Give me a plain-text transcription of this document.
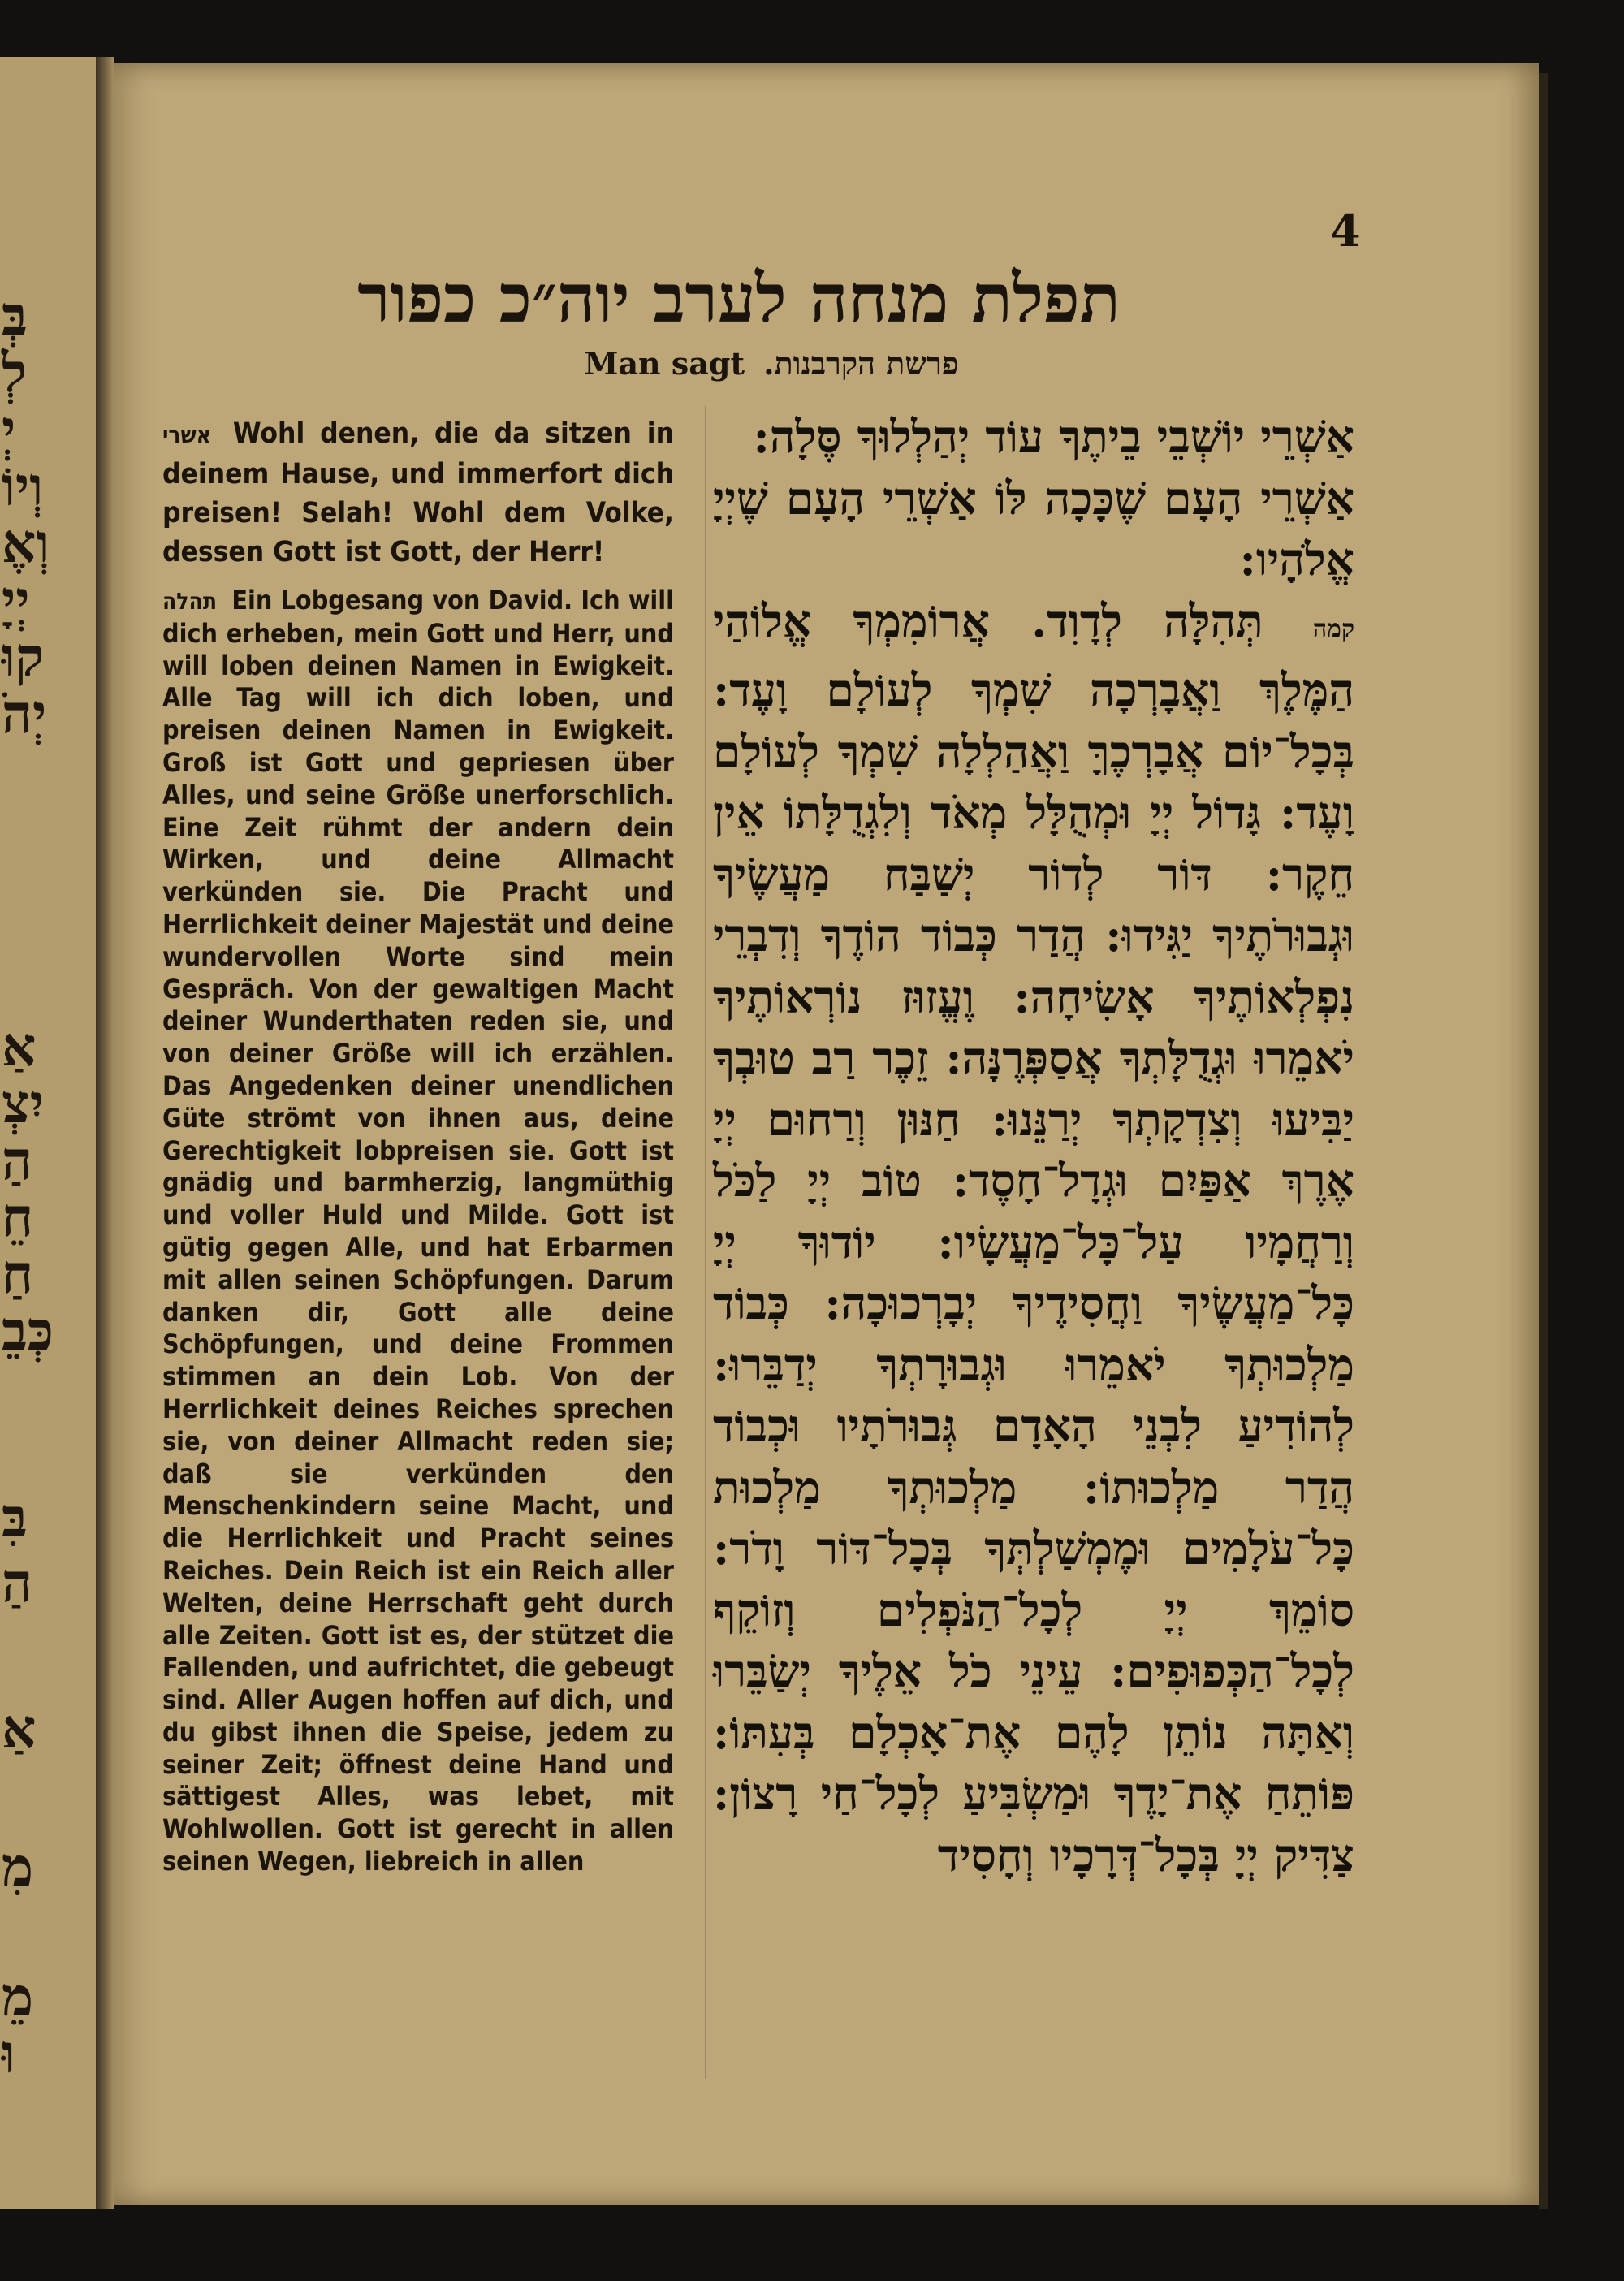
בְּ
לְ
יְ
וְיוֹ
וְאֶ
יְיָ
קוּ
יְהֹ
אַ
יִצְ
הַ
חֵ
חַ
כְּבֵ
בִּ
הַ
אַ
מִ
מֵ
וּ
4
תפלת מנחה לערב יוה״כ כפור
Man sagt פרשת הקרבנות.

אשרי Wohl denen, die da sitzen in deinem Hause, und immerfort dich preisen! Selah! Wohl dem Volke, dessen Gott ist Gott, der Herr!

תהלה Ein Lobgesang von David. Ich will dich erheben, mein Gott und Herr, und will loben deinen Namen in Ewigkeit. Alle Tag will ich dich loben, und preisen deinen Namen in Ewigkeit. Groß ist Gott und gepriesen über Alles, und seine Größe unerforschlich. Eine Zeit rühmt der andern dein Wirken, und deine Allmacht verkünden sie. Die Pracht und Herrlichkeit deiner Majestät und deine wundervollen Worte sind mein Gespräch. Von der gewaltigen Macht deiner Wunderthaten reden sie, und von deiner Größe will ich erzählen. Das Angedenken deiner unendlichen Güte strömt von ihnen aus, deine Gerechtigkeit lobpreisen sie. Gott ist gnädig und barmherzig, langmüthig und voller Huld und Milde. Gott ist gütig gegen Alle, und hat Erbarmen mit allen seinen Schöpfungen. Darum danken dir, Gott alle deine Schöpfungen, und deine Frommen stimmen an dein Lob. Von der Herrlichkeit deines Reiches sprechen sie, von deiner Allmacht reden sie; daß sie verkünden den Menschenkindern seine Macht, und die Herrlichkeit und Pracht seines Reiches. Dein Reich ist ein Reich aller Welten, deine Herrschaft geht durch alle Zeiten. Gott ist es, der stützet die Fallenden, und aufrichtet, die gebeugt sind. Aller Augen hoffen auf dich, und du gibst ihnen die Speise, jedem zu seiner Zeit; öffnest deine Hand und sättigest Alles, was lebet, mit Wohlwollen. Gott ist gerecht in allen seinen Wegen, liebreich in allen

אַשְׁרֵי יוֹשְׁבֵי בֵיתֶךָ עוֹד יְהַלְלוּךָ סֶּלָה:

אַשְׁרֵי הָעָם שֶׁכָּכָה לּוֹ אַשְׁרֵי הָעָם שֶׁיְיָ אֱלֹהָיו:

קמה תְּהִלָּה לְדָוִד. אֲרוֹמִמְךָ אֱלוֹהַי הַמֶּלֶךְ וַאֲבָרְכָה שִׁמְךָ לְעוֹלָם וָעֶד: בְּכָל־יוֹם אֲבָרְכֶךָּ וַאֲהַלְלָה שִׁמְךָ לְעוֹלָם וָעֶד: גָּדוֹל יְיָ וּמְהֻלָּל מְאֹד וְלִגְדֻלָּתוֹ אֵין חֵקֶר: דּוֹר לְדוֹר יְשַׁבַּח מַעֲשֶׂיךָ וּגְבוּרֹתֶיךָ יַגִּידוּ: הֲדַר כְּבוֹד הוֹדֶךָ וְדִבְרֵי נִפְלְאוֹתֶיךָ אָשִׂיחָה: וֶעֱזוּז נוֹרְאוֹתֶיךָ יֹאמֵרוּ וּגְדֻלָּתְךָ אֲסַפְּרֶנָּה: זֵכֶר רַב טוּבְךָ יַבִּיעוּ וְצִדְקָתְךָ יְרַנֵּנוּ: חַנּוּן וְרַחוּם יְיָ אֶרֶךְ אַפַּיִם וּגְדָל־חָסֶד: טוֹב יְיָ לַכֹּל וְרַחֲמָיו עַל־כָּל־מַעֲשָׂיו: יוֹדוּךָ יְיָ כָּל־מַעֲשֶׂיךָ וַחֲסִידֶיךָ יְבָרְכוּכָה: כְּבוֹד מַלְכוּתְךָ יֹאמֵרוּ וּגְבוּרָתְךָ יְדַבֵּרוּ: לְהוֹדִיעַ לִבְנֵי הָאָדָם גְּבוּרֹתָיו וּכְבוֹד הֲדַר מַלְכוּתוֹ: מַלְכוּתְךָ מַלְכוּת כָּל־עֹלָמִים וּמֶמְשַׁלְתְּךָ בְּכָל־דּוֹר וָדֹר: סוֹמֵךְ יְיָ לְכָל־הַנֹּפְלִים וְזוֹקֵף לְכָל־הַכְּפוּפִים: עֵינֵי כֹל אֵלֶיךָ יְשַׂבֵּרוּ וְאַתָּה נוֹתֵן לָהֶם אֶת־אָכְלָם בְּעִתּוֹ: פּוֹתֵחַ אֶת־יָדֶךָ וּמַשְׂבִּיעַ לְכָל־חַי רָצוֹן: צַדִּיק יְיָ בְּכָל־דְּרָכָיו וְחָסִיד
